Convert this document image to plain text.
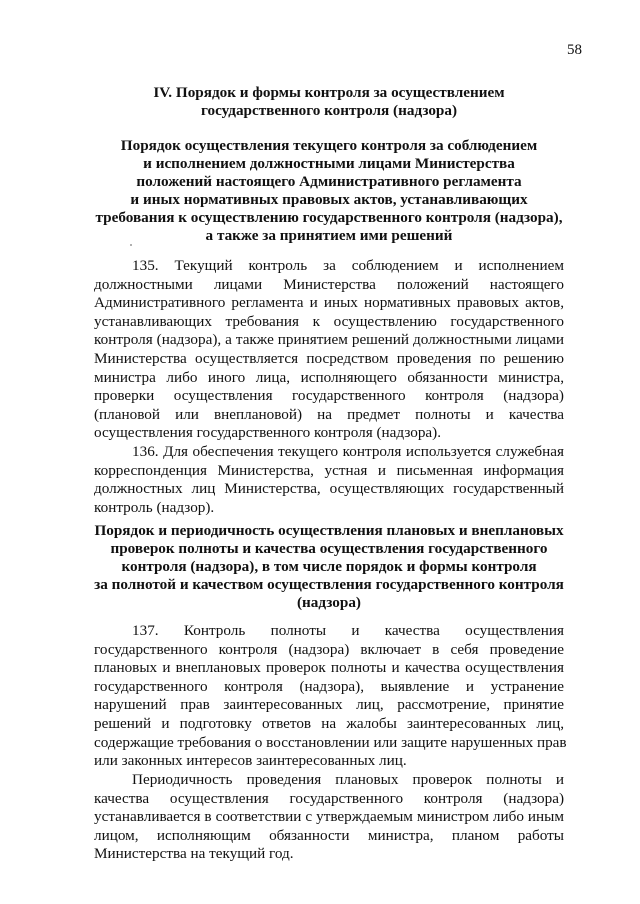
58
IV. Порядок и формы контроля за осуществлением
государственного контроля (надзора)
Порядок осуществления текущего контроля за соблюдением
и исполнением должностными лицами Министерства
положений настоящего Административного регламента
и иных нормативных правовых актов, устанавливающих
требования к осуществлению государственного контроля (надзора),
а также за принятием ими решений
135. Текущий контроль за соблюдением и исполнением
должностными лицами Министерства положений настоящего
Административного регламента и иных нормативных правовых актов,
устанавливающих требования к осуществлению государственного
контроля (надзора), а также принятием решений должностными лицами
Министерства осуществляется посредством проведения по решению
министра либо иного лица, исполняющего обязанности министра,
проверки осуществления государственного контроля (надзора)
(плановой или внеплановой) на предмет полноты и качества
осуществления государственного контроля (надзора).
136. Для обеспечения текущего контроля используется служебная
корреспонденция Министерства, устная и письменная информация
должностных лиц Министерства, осуществляющих государственный
контроль (надзор).
Порядок и периодичность осуществления плановых и внеплановых
проверок полноты и качества осуществления государственного
контроля (надзора), в том числе порядок и формы контроля
за полнотой и качеством осуществления государственного контроля
(надзора)
137. Контроль полноты и качества осуществления
государственного контроля (надзора) включает в себя проведение
плановых и внеплановых проверок полноты и качества осуществления
государственного контроля (надзора), выявление и устранение
нарушений прав заинтересованных лиц, рассмотрение, принятие
решений и подготовку ответов на жалобы заинтересованных лиц,
содержащие требования о восстановлении или защите нарушенных прав
или законных интересов заинтересованных лиц.
Периодичность проведения плановых проверок полноты и
качества осуществления государственного контроля (надзора)
устанавливается в соответствии с утверждаемым министром либо иным
лицом, исполняющим обязанности министра, планом работы
Министерства на текущий год.
